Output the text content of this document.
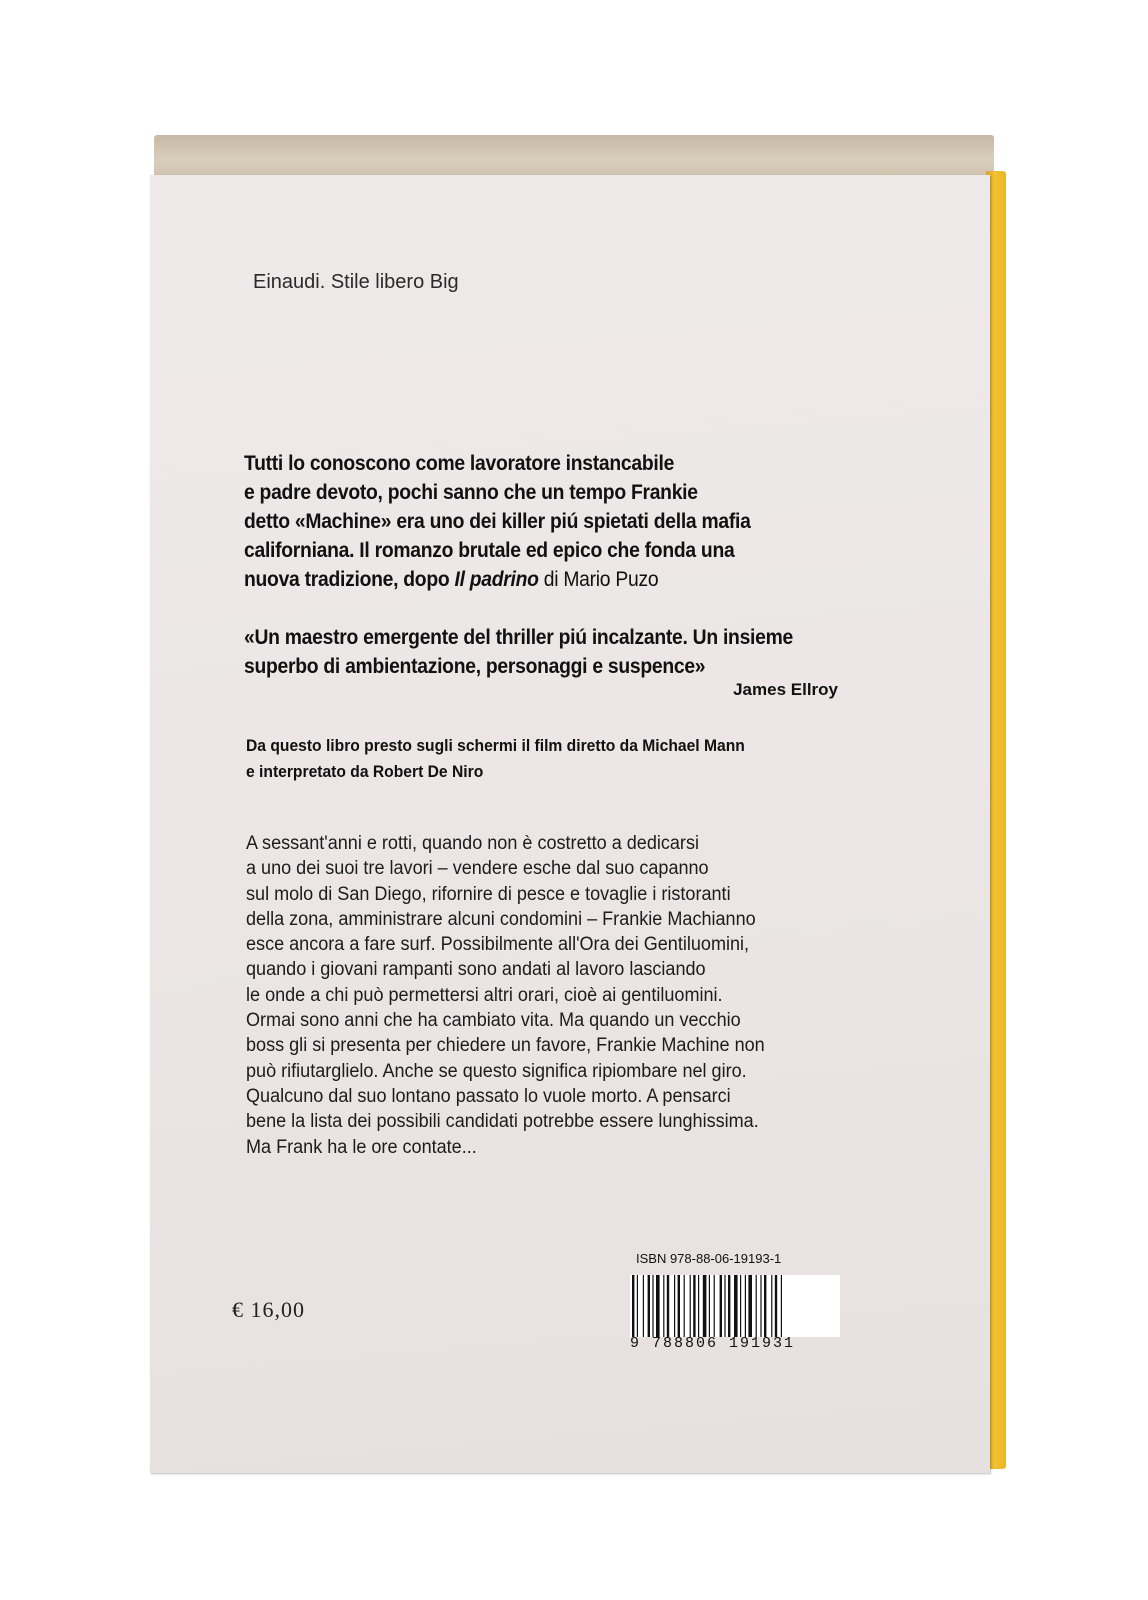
Einaudi. Stile libero Big
Tutti lo conoscono come lavoratore instancabile
e padre devoto, pochi sanno che un tempo Frankie
detto «Machine» era uno dei killer piú spietati della mafia
californiana. Il romanzo brutale ed epico che fonda una
nuova tradizione, dopo Il padrino di Mario Puzo
«Un maestro emergente del thriller piú incalzante. Un insieme
superbo di ambientazione, personaggi e suspence»
James Ellroy
Da questo libro presto sugli schermi il film diretto da Michael Mann
e interpretato da Robert De Niro
A sessant'anni e rotti, quando non è costretto a dedicarsi
a uno dei suoi tre lavori – vendere esche dal suo capanno
sul molo di San Diego, rifornire di pesce e tovaglie i ristoranti
della zona, amministrare alcuni condomini – Frankie Machianno
esce ancora a fare surf. Possibilmente all'Ora dei Gentiluomini,
quando i giovani rampanti sono andati al lavoro lasciando
le onde a chi può permettersi altri orari, cioè ai gentiluomini.
Ormai sono anni che ha cambiato vita. Ma quando un vecchio
boss gli si presenta per chiedere un favore, Frankie Machine non
può rifiutarglielo. Anche se questo significa ripiombare nel giro.
Qualcuno dal suo lontano passato lo vuole morto. A pensarci
bene la lista dei possibili candidati potrebbe essere lunghissima.
Ma Frank ha le ore contate...
€ 16,00
ISBN 978-88-06-19193-1
9 788806 191931
